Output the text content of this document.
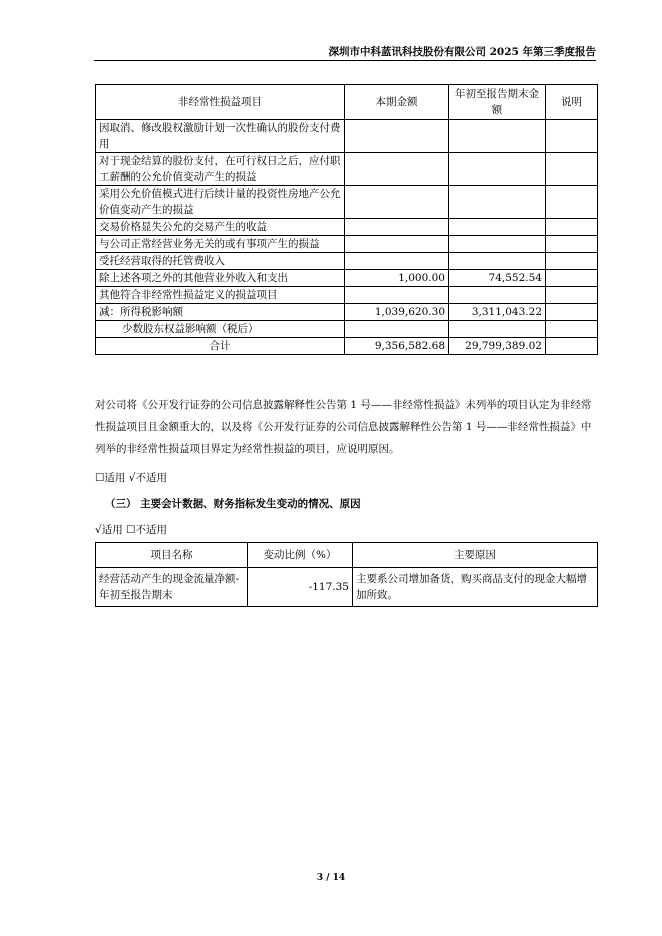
深圳市中科蓝讯科技股份有限公司 2025 年第三季度报告
非经常性损益项目	本期金额	年初至报告期末金额	说明
因取消、修改股权激励计划一次性确认的股份支付费用			
对于现金结算的股份支付，在可行权日之后，应付职工薪酬的公允价值变动产生的损益			
采用公允价值模式进行后续计量的投资性房地产公允价值变动产生的损益			
交易价格显失公允的交易产生的收益			
与公司正常经营业务无关的或有事项产生的损益			
受托经营取得的托管费收入			
除上述各项之外的其他营业外收入和支出	1,000.00	74,552.54	
其他符合非经常性损益定义的损益项目			
减：所得税影响额	1,039,620.30	3,311,043.22	
少数股东权益影响额（税后）			
合计	9,356,582.68	29,799,389.02	
对公司将《公开发行证券的公司信息披露解释性公告第 1 号——非经常性损益》未列举的项目认定为非经常性损益项目且金额重大的，以及将《公开发行证券的公司信息披露解释性公告第 1 号——非经常性损益》中列举的非经常性损益项目界定为经常性损益的项目，应说明原因。
☐适用 √不适用
（三） 主要会计数据、财务指标发生变动的情况、原因
√适用 ☐不适用
项目名称	变动比例（%）	主要原因
经营活动产生的现金流量净额-年初至报告期末	-117.35	主要系公司增加备货，购买商品支付的现金大幅增加所致。
3 / 14
